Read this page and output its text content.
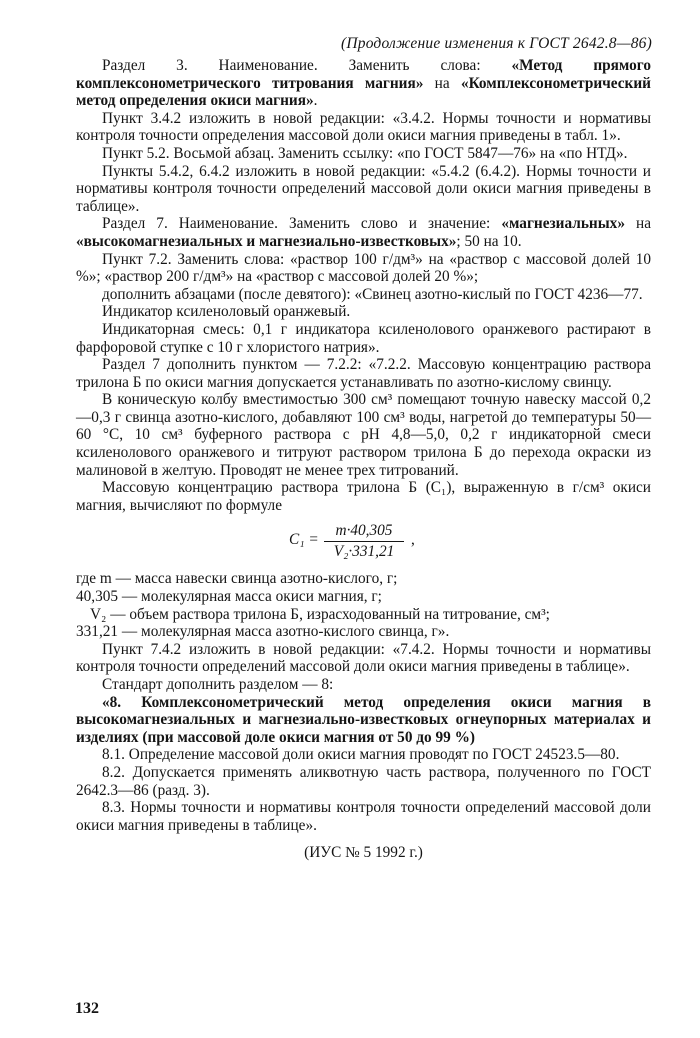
(Продолжение изменения к ГОСТ 2642.8—86)

Раздел 3. Наименование. Заменить слова: «Метод прямого комплексонометрического титрования магния» на «Комплексонометрический метод определения окиси магния».

Пункт 3.4.2 изложить в новой редакции: «3.4.2. Нормы точности и нормативы контроля точности определения массовой доли окиси магния приведены в табл. 1».

Пункт 5.2. Восьмой абзац. Заменить ссылку: «по ГОСТ 5847—76» на «по НТД».

Пункты 5.4.2, 6.4.2 изложить в новой редакции: «5.4.2 (6.4.2). Нормы точности и нормативы контроля точности определений массовой доли окиси магния приведены в таблице».

Раздел 7. Наименование. Заменить слово и значение: «магнезиальных» на «высокомагнезиальных и магнезиально-известковых»; 50 на 10.

Пункт 7.2. Заменить слова: «раствор 100 г/дм³» на «раствор с массовой долей 10 %»; «раствор 200 г/дм³» на «раствор с массовой долей 20 %»;

дополнить абзацами (после девятого): «Свинец азотно-кислый по ГОСТ 4236—77.

Индикатор ксиленоловый оранжевый.

Индикаторная смесь: 0,1 г индикатора ксиленолового оранжевого растирают в фарфоровой ступке с 10 г хлористого натрия».

Раздел 7 дополнить пунктом — 7.2.2: «7.2.2. Массовую концентрацию раствора трилона Б по окиси магния допускается устанавливать по азотно-кислому свинцу.

В коническую колбу вместимостью 300 см³ помещают точную навеску массой 0,2—0,3 г свинца азотно-кислого, добавляют 100 см³ воды, нагретой до температуры 50—60 °С, 10 см³ буферного раствора с рН 4,8—5,0, 0,2 г индикаторной смеси ксиленолового оранжевого и титруют раствором трилона Б до перехода окраски из малиновой в желтую. Проводят не менее трех титрований.

Массовую концентрацию раствора трилона Б (С₁), выраженную в г/см³ окиси магния, вычисляют по формуле

$C_1 = \frac{m\cdot 40,305}{\text{V₂·331,21}}$ ,

где m — масса навески свинца азотно-кислого, г;

40,305 — молекулярная масса окиси магния, г;

V₂ — объем раствора трилона Б, израсходованный на титрование, см³;

331,21 — молекулярная масса азотно-кислого свинца, г».

Пункт 7.4.2 изложить в новой редакции: «7.4.2. Нормы точности и нормативы контроля точности определений массовой доли окиси магния приведены в таблице».

Стандарт дополнить разделом — 8:

«8. Комплексонометрический метод определения окиси магния в высокомагнезиальных и магнезиально-известковых огнеупорных материалах и изделиях (при массовой доле окиси магния от 50 до 99 %)

8.1. Определение массовой доли окиси магния проводят по ГОСТ 24523.5—80.

8.2. Допускается применять аликвотную часть раствора, полученного по ГОСТ 2642.3—86 (разд. 3).

8.3. Нормы точности и нормативы контроля точности определений массовой доли окиси магния приведены в таблице».

(ИУС № 5 1992 г.)

132
